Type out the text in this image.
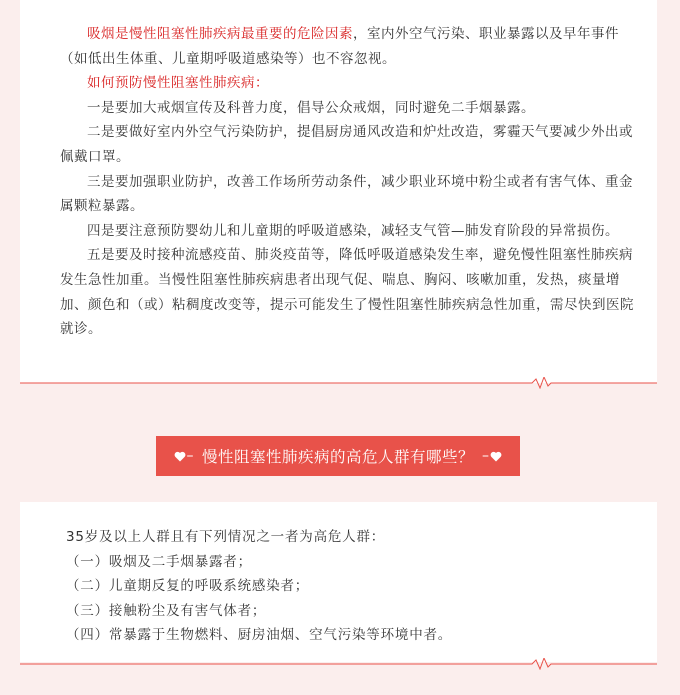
吸烟是慢性阻塞性肺疾病最重要的危险因素，室内外空气污染、职业暴露以及早年事件（如低出生体重、儿童期呼吸道感染等）也不容忽视。

如何预防慢性阻塞性肺疾病：

一是要加大戒烟宣传及科普力度，倡导公众戒烟，同时避免二手烟暴露。

二是要做好室内外空气污染防护，提倡厨房通风改造和炉灶改造，雾霾天气要减少外出或佩戴口罩。

三是要加强职业防护，改善工作场所劳动条件，减少职业环境中粉尘或者有害气体、重金属颗粒暴露。

四是要注意预防婴幼儿和儿童期的呼吸道感染，减轻支气管—肺发育阶段的异常损伤。

五是要及时接种流感疫苗、肺炎疫苗等，降低呼吸道感染发生率，避免慢性阻塞性肺疾病发生急性加重。当慢性阻塞性肺疾病患者出现气促、喘息、胸闷、咳嗽加重，发热，痰量增加、颜色和（或）粘稠度改变等，提示可能发生了慢性阻塞性肺疾病急性加重，需尽快到医院就诊。

– 慢性阻塞性肺疾病的高危人群有哪些？ –

35岁及以上人群且有下列情况之一者为高危人群：

（一）吸烟及二手烟暴露者；

（二）儿童期反复的呼吸系统感染者；

（三）接触粉尘及有害气体者；

（四）常暴露于生物燃料、厨房油烟、空气污染等环境中者。
